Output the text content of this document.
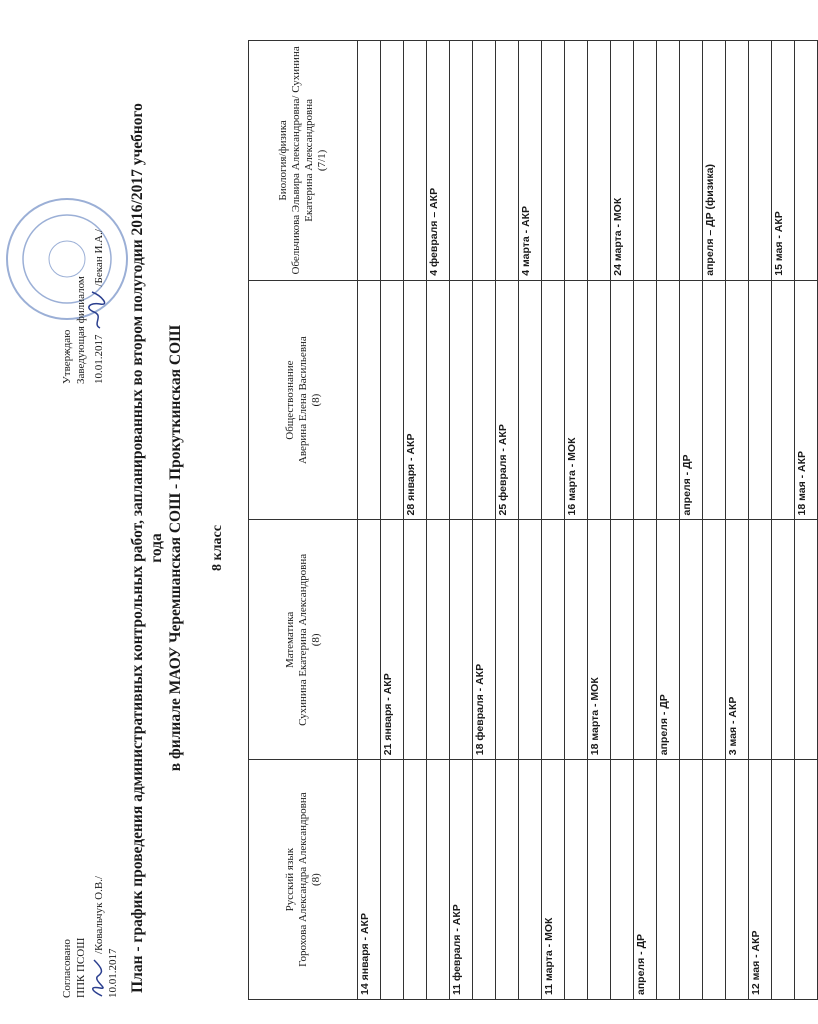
Согласовано ППК ПСОШ
/Ковальчук О.В./
10.01.2017
Утверждаю Заведующая филиалом 10.01.2017
/Бекан И.А./ План - график проведения административных контрольных работ, запланированных во втором полугодии 2016/2017 учебного года в филиале МАОУ Черемшанская СОШ - Прокуткинская СОШ 8 класс
Русский язык Горохова Александра Александровна (8)	Математика Сухинина Екатерина Александровна (8)	Обществознание Аверина Елена Васильевна (8)	Биология/физика Обельчикова Эльвира Александровна/ Сухинина Екатерина Александровна (7/1)

14 января - АКР			
	21 января - АКР		
		28 января - АКР	
			4 февраля – АКР
11 февраля - АКР			
	18 февраля - АКР		
		25 февраля - АКР	
			4 марта - АКР
11 марта - МОК			
		16 марта - МОК	
	18 марта - МОК		
			24 марта - МОК
апреля - ДР			
	апреля - ДР		
		апреля - ДР	
			апреля – ДР (физика)
	3 мая - АКР		
12 мая - АКР			
			15 мая - АКР
		18 мая - АКР	
